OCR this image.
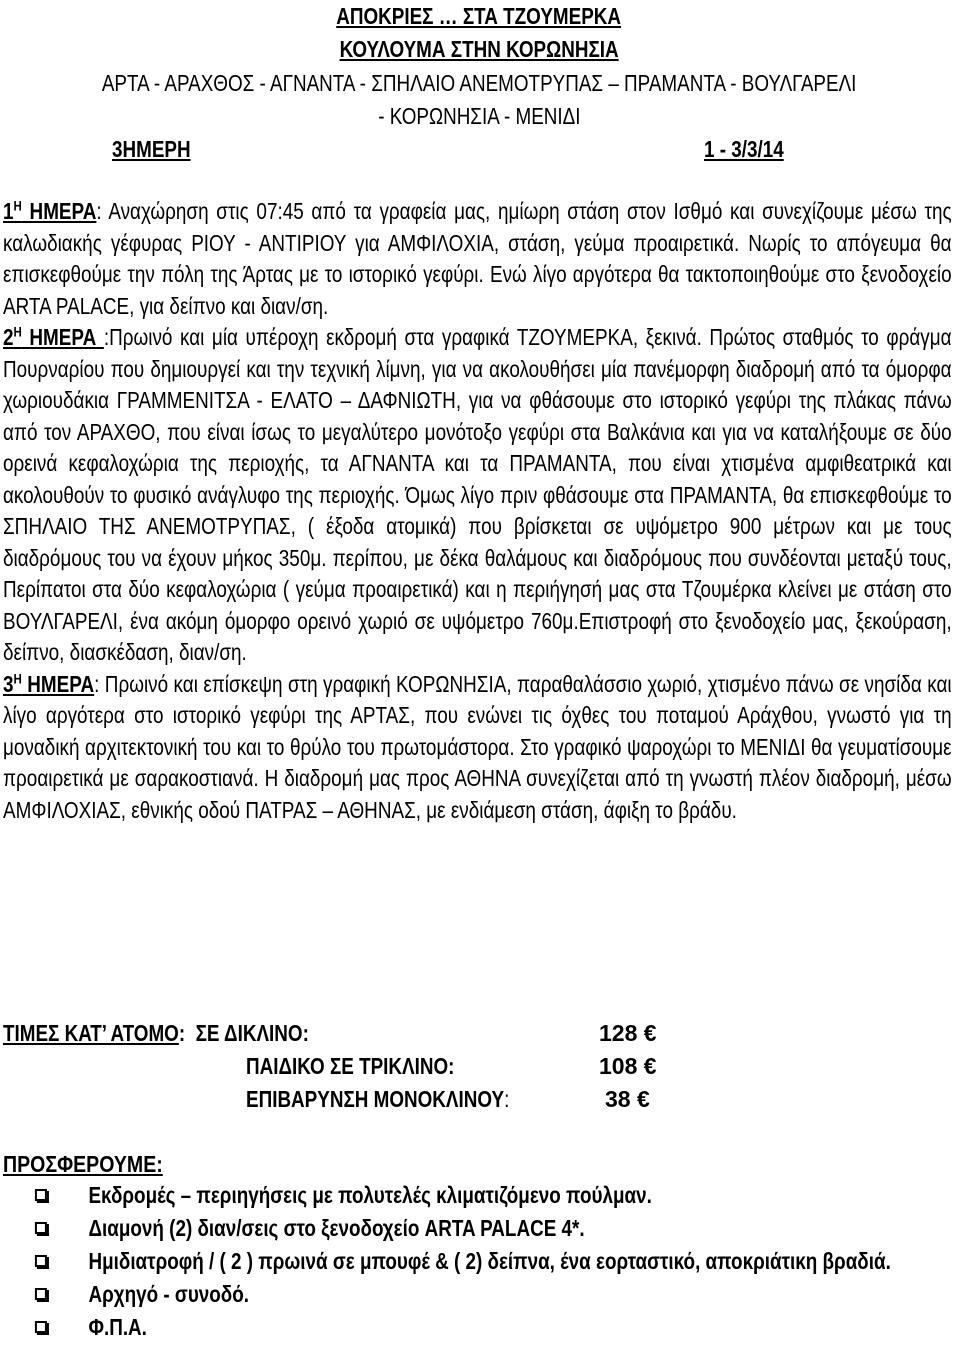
ΑΠΟΚΡΙΕΣ … ΣΤΑ ΤΖΟΥΜΕΡΚΑ
ΚΟΥΛΟΥΜΑ ΣΤΗΝ ΚΟΡΩΝΗΣΙΑ
ΑΡΤΑ - ΑΡΑΧΘΟΣ - ΑΓΝΑΝΤΑ - ΣΠΗΛΑΙΟ ΑΝΕΜΟΤΡΥΠΑΣ – ΠΡΑΜΑΝΤΑ - ΒΟΥΛΓΑΡΕΛΙ
- ΚΟΡΩΝΗΣΙΑ - ΜΕΝΙΔΙ
3ΗΜΕΡΗ	1 - 3/3/14

$1^H$ ΗΜΕΡΑ: Αναχώρηση στις 07:45 από τα γραφεία μας, ημίωρη στάση στον Ισθμό και συνεχίζουμε μέσω της καλωδιακής γέφυρας ΡΙΟΥ - ΑΝΤΙΡΙΟΥ για ΑΜΦΙΛΟΧΙΑ, στάση, γεύμα προαιρετικά. Νωρίς το απόγευμα θα επισκεφθούμε την πόλη της Άρτας με το ιστορικό γεφύρι. Ενώ λίγο αργότερα θα τακτοποιηθούμε στο ξενοδοχείο ARTA PALACE, για δείπνο και διαν/ση.

$2^H$ ΗΜΕΡΑ :Πρωινό και μία υπέροχη εκδρομή στα γραφικά ΤΖΟΥΜΕΡΚΑ, ξεκινά. Πρώτος σταθμός το φράγμα Πουρναρίου που δημιουργεί και την τεχνική λίμνη, για να ακολουθήσει μία πανέμορφη διαδρομή από τα όμορφα χωριουδάκια ΓΡΑΜΜΕΝΙΤΣΑ - ΕΛΑΤΟ – ΔΑΦΝΙΩΤΗ, για να φθάσουμε στο ιστορικό γεφύρι της πλάκας πάνω από τον ΑΡΑΧΘΟ, που είναι ίσως το μεγαλύτερο μονότοξο γεφύρι στα Βαλκάνια και για να καταλήξουμε σε δύο ορεινά κεφαλοχώρια της περιοχής, τα ΑΓΝΑΝΤΑ και τα ΠΡΑΜΑΝΤΑ, που είναι χτισμένα αμφιθεατρικά και ακολουθούν το φυσικό ανάγλυφο της περιοχής. Όμως λίγο πριν φθάσουμε στα ΠΡΑΜΑΝΤΑ, θα επισκεφθούμε το ΣΠΗΛΑΙΟ ΤΗΣ ΑΝΕΜΟΤΡΥΠΑΣ, ( έξοδα ατομικά) που βρίσκεται σε υψόμετρο 900 μέτρων και με τους διαδρόμους του να έχουν μήκος 350μ. περίπου, με δέκα θαλάμους και διαδρόμους που συνδέονται μεταξύ τους, Περίπατοι στα δύο κεφαλοχώρια ( γεύμα προαιρετικά) και η περιήγησή μας στα Τζουμέρκα κλείνει με στάση στο ΒΟΥΛΓΑΡΕΛΙ, ένα ακόμη όμορφο ορεινό χωριό σε υψόμετρο 760μ.Επιστροφή στο ξενοδοχείο μας, ξεκούραση, δείπνο, διασκέδαση, διαν/ση.

$3^H$ ΗΜΕΡΑ: Πρωινό και επίσκεψη στη γραφική ΚΟΡΩΝΗΣΙΑ, παραθαλάσσιο χωριό, χτισμένο πάνω σε νησίδα και λίγο αργότερα στο ιστορικό γεφύρι της ΑΡΤΑΣ, που ενώνει τις όχθες του ποταμού Αράχθου, γνωστό για τη μοναδική αρχιτεκτονική του και το θρύλο του πρωτομάστορα. Στο γραφικό ψαροχώρι το ΜΕΝΙΔΙ θα γευματίσουμε προαιρετικά με σαρακοστιανά. Η διαδρομή μας προς ΑΘΗΝΑ συνεχίζεται από τη γνωστή πλέον διαδρομή, μέσω ΑΜΦΙΛΟΧΙΑΣ, εθνικής οδού ΠΑΤΡΑΣ – ΑΘΗΝΑΣ, με ενδιάμεση στάση, άφιξη το βράδυ.

ΤΙΜΕΣ ΚΑΤ’ ΑΤΟΜΟ: ΣΕ ΔΙΚΛΙΝΟ:	128 €
ΠΑΙΔΙΚΟ ΣΕ ΤΡΙΚΛΙΝΟ:	108 €
ΕΠΙΒΑΡΥΝΣΗ ΜΟΝΟΚΛΙΝΟΥ:	38 €
ΠΡΟΣΦΕΡΟΥΜΕ:
Εκδρομές – περιηγήσεις με πολυτελές κλιματιζόμενο πούλμαν.
Διαμονή (2) διαν/σεις στο ξενοδοχείο ARTA PALACE 4*.
Ημιδιατροφή / ( 2 ) πρωινά σε μπουφέ & ( 2) δείπνα, ένα εορταστικό, αποκριάτικη βραδιά.
Αρχηγό - συνοδό.
Φ.Π.Α.
